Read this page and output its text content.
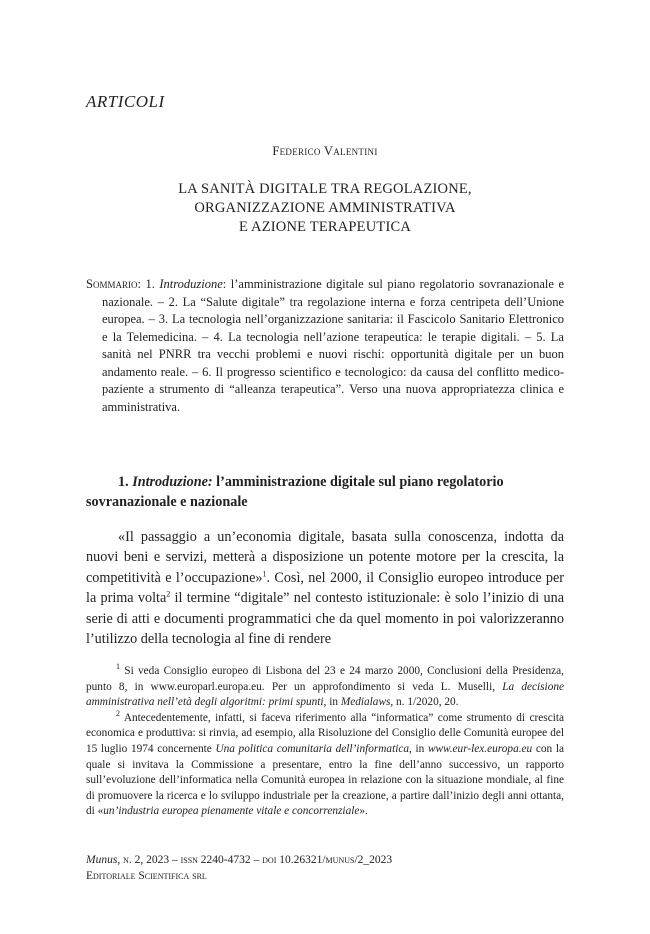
ARTICOLI
Federico Valentini
LA SANITÀ DIGITALE TRA REGOLAZIONE,
ORGANIZZAZIONE AMMINISTRATIVA
E AZIONE TERAPEUTICA
Sommario: 1. Introduzione: l’amministrazione digitale sul piano regolatorio sovranazionale e nazionale. – 2. La “Salute digitale” tra regolazione interna e forza centripeta dell’Unione europea. – 3. La tecnologia nell’organizzazione sanitaria: il Fascicolo Sanitario Elettronico e la Telemedicina. – 4. La tecnologia nell’azione terapeutica: le terapie digitali. – 5. La sanità nel PNRR tra vecchi problemi e nuovi rischi: opportunità digitale per un buon andamento reale. – 6. Il progresso scientifico e tecnologico: da causa del conflitto medico-paziente a strumento di “alleanza terapeutica”. Verso una nuova appropriatezza clinica e amministrativa.
1. Introduzione: l’amministrazione digitale sul piano regolatorio sovranazionale e nazionale

«Il passaggio a un’economia digitale, basata sulla conoscenza, indotta da nuovi beni e servizi, metterà a disposizione un potente motore per la crescita, la competitività e l’occupazione»$^1$. Così, nel 2000, il Consiglio europeo introduce per la prima volta$^2$ il termine “digitale” nel contesto istituzionale: è solo l’inizio di una serie di atti e documenti programmatici che da quel momento in poi valorizzeranno l’utilizzo della tecnologia al fine di rendere

$^1$ Si veda Consiglio europeo di Lisbona del 23 e 24 marzo 2000, Conclusioni della Presidenza, punto 8, in www.europarl.europa.eu. Per un approfondimento si veda L. Muselli, La decisione amministrativa nell’età degli algoritmi: primi spunti, in Medialaws, n. 1/2020, 20.

$^2$ Antecedentemente, infatti, si faceva riferimento alla “informatica” come strumento di crescita economica e produttiva: si rinvia, ad esempio, alla Risoluzione del Consiglio delle Comunità europee del 15 luglio 1974 concernente Una politica comunitaria dell’informatica, in www.eur-lex.europa.eu con la quale si invitava la Commissione a presentare, entro la fine dell’anno successivo, un rapporto sull’evoluzione dell’informatica nella Comunità europea in relazione con la situazione mondiale, al fine di promuovere la ricerca e lo sviluppo industriale per la creazione, a partire dall’inizio degli anni ottanta, di «un’industria europea pienamente vitale e concorrenziale».

Munus, n. 2, 2023 – issn 2240-4732 – doi 10.26321/munus/2_2023
Editoriale Scientifica srl
